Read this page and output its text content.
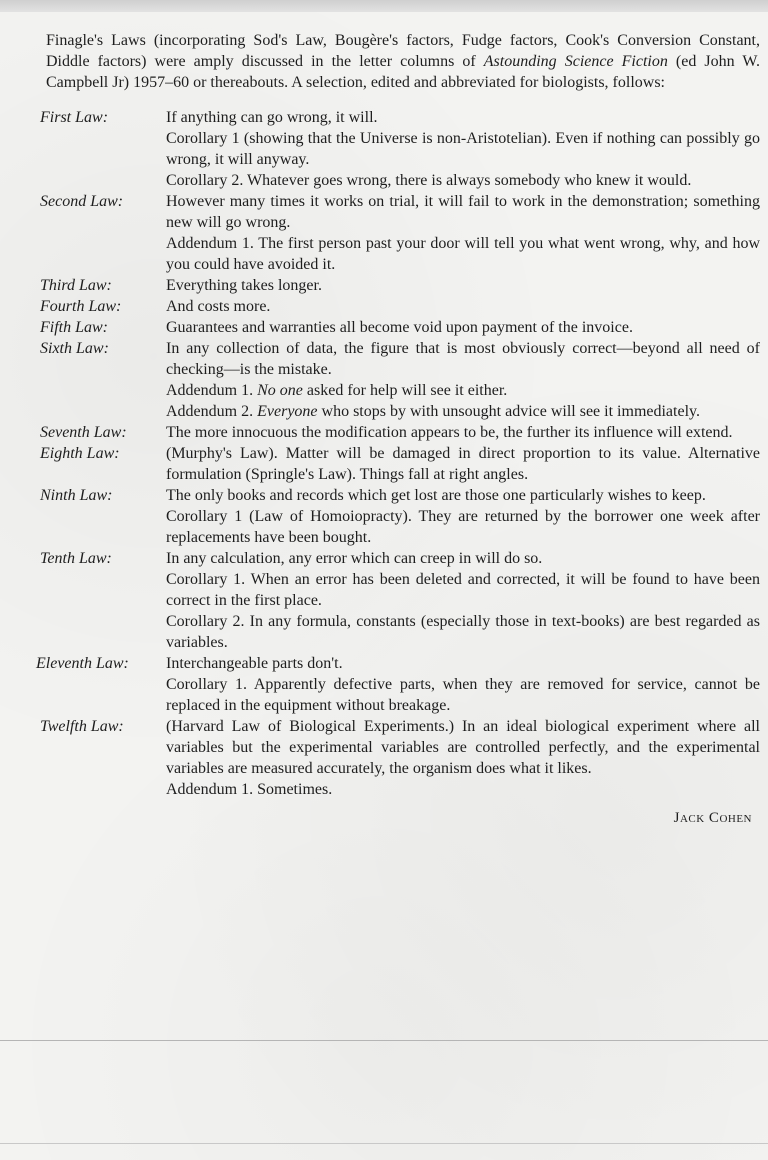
Finagle's Laws (incorporating Sod's Law, Bougère's factors, Fudge factors, Cook's Conversion Constant, Diddle factors) were amply discussed in the letter columns of Astounding Science Fiction (ed John W. Campbell Jr) 1957–60 or thereabouts. A selection, edited and abbreviated for biologists, follows:
First Law:	If anything can go wrong, it will.

Corollary 1 (showing that the Universe is non-Aristotelian). Even if nothing can possibly go wrong, it will anyway.

Corollary 2. Whatever goes wrong, there is always somebody who knew it would.

Second Law:	However many times it works on trial, it will fail to work in the demonstration; something new will go wrong.

Addendum 1. The first person past your door will tell you what went wrong, why, and how you could have avoided it.

Third Law:	Everything takes longer.

Fourth Law:	And costs more.

Fifth Law:	Guarantees and warranties all become void upon payment of the invoice.

Sixth Law:	In any collection of data, the figure that is most obviously correct—beyond all need of checking—is the mistake.

Addendum 1. No one asked for help will see it either.

Addendum 2. Everyone who stops by with unsought advice will see it immediately.

Seventh Law:	The more innocuous the modification appears to be, the further its influence will extend.

Eighth Law:	(Murphy's Law). Matter will be damaged in direct proportion to its value. Alternative formulation (Springle's Law). Things fall at right angles.

Ninth Law:	The only books and records which get lost are those one particularly wishes to keep.

Corollary 1 (Law of Homoiopracty). They are returned by the borrower one week after replacements have been bought.

Tenth Law:	In any calculation, any error which can creep in will do so.

Corollary 1. When an error has been deleted and corrected, it will be found to have been correct in the first place.

Corollary 2. In any formula, constants (especially those in text-books) are best regarded as variables.

Eleventh Law:	Interchangeable parts don't.

Corollary 1. Apparently defective parts, when they are removed for service, cannot be replaced in the equipment without breakage.

Twelfth Law:	(Harvard Law of Biological Experiments.) In an ideal biological experiment where all variables but the experimental variables are controlled perfectly, and the experimental variables are measured accurately, the organism does what it likes.

Addendum 1. Sometimes.

Jack Cohen
